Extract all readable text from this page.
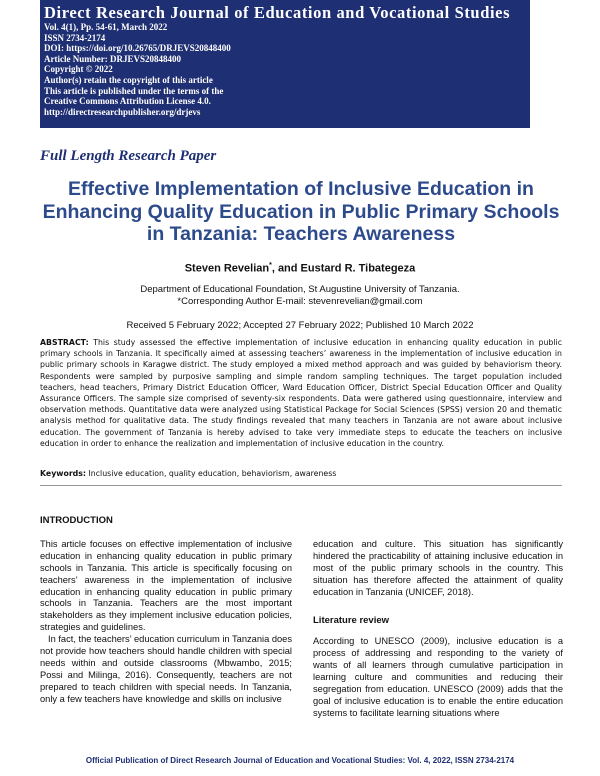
Direct Research Journal of Education and Vocational Studies
Vol. 4(1), Pp. 54-61, March 2022
ISSN 2734-2174
DOI: https://doi.org/10.26765/DRJEVS20848400
Article Number: DRJEVS20848400
Copyright © 2022
Author(s) retain the copyright of this article
This article is published under the terms of the
Creative Commons Attribution License 4.0.
http://directresearchpublisher.org/drjevs
Full Length Research Paper
Effective Implementation of Inclusive Education in Enhancing Quality Education in Public Primary Schools in Tanzania: Teachers Awareness
Steven Revelian*, and Eustard R. Tibategeza
Department of Educational Foundation, St Augustine University of Tanzania.
*Corresponding Author E-mail: stevenrevelian@gmail.com
Received 5 February 2022; Accepted 27 February 2022; Published 10 March 2022
ABSTRACT: This study assessed the effective implementation of inclusive education in enhancing quality education in public primary schools in Tanzania. It specifically aimed at assessing teachers’ awareness in the implementation of inclusive education in public primary schools in Karagwe district. The study employed a mixed method approach and was guided by behaviorism theory. Respondents were sampled by purposive sampling and simple random sampling techniques. The target population included teachers, head teachers, Primary District Education Officer, Ward Education Officer, District Special Education Officer and Quality Assurance Officers. The sample size comprised of seventy-six respondents. Data were gathered using questionnaire, interview and observation methods. Quantitative data were analyzed using Statistical Package for Social Sciences (SPSS) version 20 and thematic analysis method for qualitative data. The study findings revealed that many teachers in Tanzania are not aware about inclusive education. The government of Tanzania is hereby advised to take very immediate steps to educate the teachers on inclusive education in order to enhance the realization and implementation of inclusive education in the country.
Keywords: Inclusive education, quality education, behaviorism, awareness
INTRODUCTION

This article focuses on effective implementation of inclusive education in enhancing quality education in public primary schools in Tanzania. This article is specifically focusing on teachers’ awareness in the implementation of inclusive education in enhancing quality education in public primary schools in Tanzania. Teachers are the most important stakeholders as they implement inclusive education policies, strategies and guidelines.

In fact, the teachers’ education curriculum in Tanzania does not provide how teachers should handle children with special needs within and outside classrooms (Mbwambo, 2015; Possi and Milinga, 2016). Consequently, teachers are not prepared to teach children with special needs. In Tanzania, only a few teachers have knowledge and skills on inclusive

education and culture. This situation has significantly hindered the practicability of attaining inclusive education in most of the public primary schools in the country. This situation has therefore affected the attainment of quality education in Tanzania (UNICEF, 2018).

Literature review

According to UNESCO (2009), inclusive education is a process of addressing and responding to the variety of wants of all learners through cumulative participation in learning culture and communities and reducing their segregation from education. UNESCO (2009) adds that the goal of inclusive education is to enable the entire education systems to facilitate learning situations where

Official Publication of Direct Research Journal of Education and Vocational Studies: Vol. 4, 2022, ISSN 2734-2174
